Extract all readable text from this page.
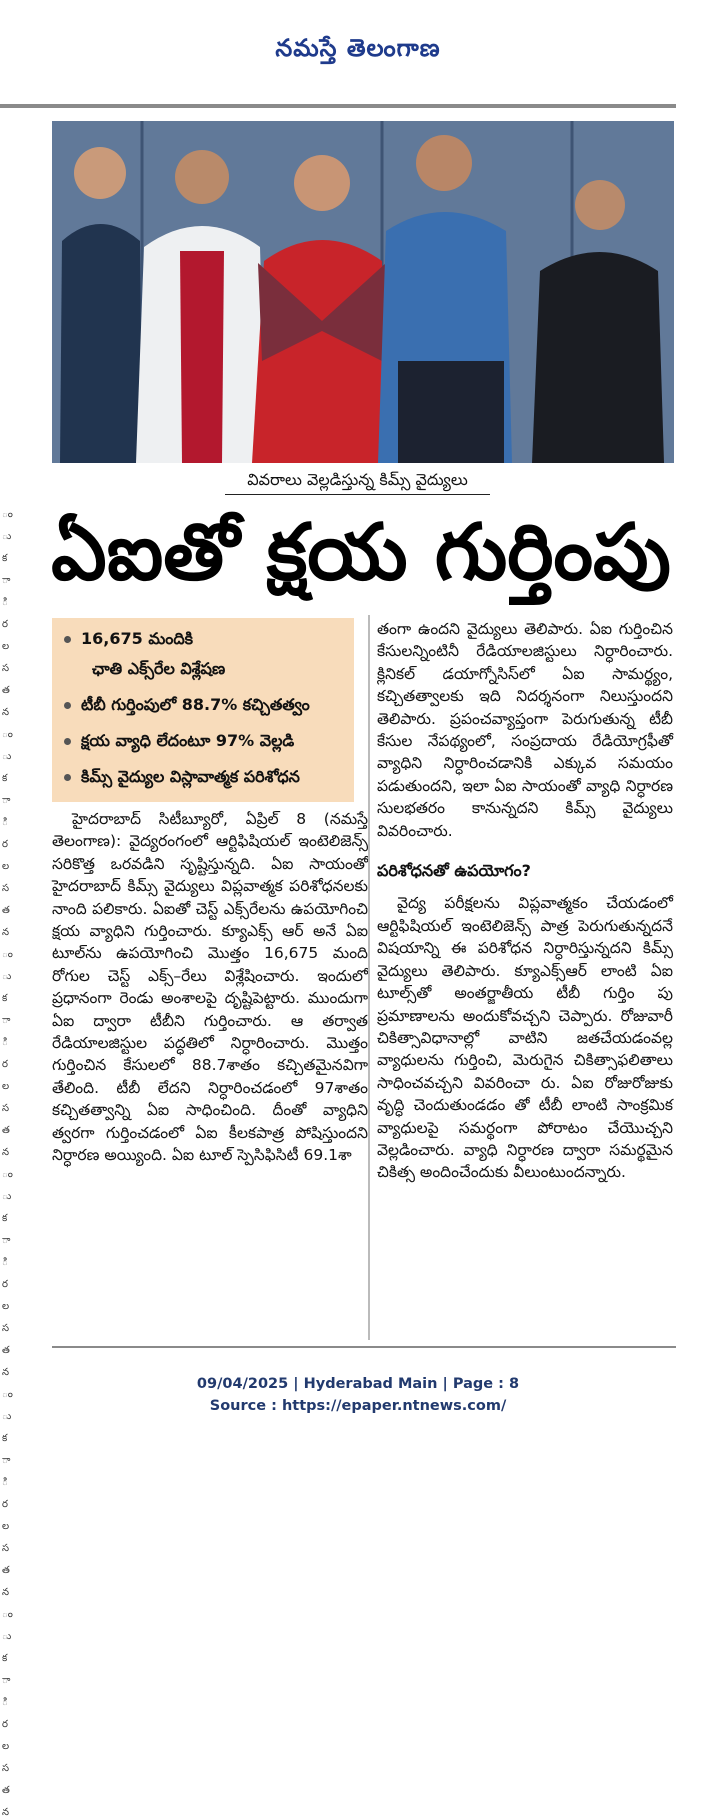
నమస్తే తెలంగాణ
ం
ు
క
ా
ి
ర
ల
స
త
న
ం
ు
క
ా
ి
ర
ల
స
త
న
ం
ు
క
ా
ి
ర
ల
స
త
న
ం
ు
క
ా
ి
ర
ల
స
త
న
ం
ు
క
ా
ి
ర
ల
స
త
న
ం
ు
క
ా
ి
ర
ల
స
త
న
వివరాలు వెల్లడిస్తున్న కిమ్స్ వైద్యులు
ఏఐతో క్షయ గుర్తింపు
16,675 మందికి
ఛాతి ఎక్స్‌రేల విశ్లేషణ
టీబీ గుర్తింపులో 88.7% కచ్చితత్వం
క్షయ వ్యాధి లేదంటూ 97% వెల్లడి
కిమ్స్ వైద్యుల విస్లావాత్మక పరిశోధన

హైదరాబాద్ సిటీబ్యూరో, ఏప్రిల్ 8 (నమస్తే తెలంగాణ): వైద్యరంగంలో ఆర్టిఫిషియల్ ఇంటెలిజెన్స్ సరికొత్త ఒరవడిని సృష్టిస్తున్నది. ఏఐ సాయంతో హైదరాబాద్ కిమ్స్ వైద్యులు విప్లవాత్మక పరిశోధనలకు నాంది పలికారు. ఏఐతో చెస్ట్ ఎక్స్‌రేలను ఉపయోగించి క్షయ వ్యాధిని గుర్తించారు. క్యూఎక్స్ ఆర్ అనే ఏఐ టూల్‌ను ఉపయోగించి మొత్తం 16,675 మంది రోగుల చెస్ట్ ఎక్స్–రేలు విశ్లేషించారు. ఇందులో ప్రధానంగా రెండు అంశాలపై దృష్టిపెట్టారు. ముందుగా ఏఐ ద్వారా టీబీని గుర్తించారు. ఆ తర్వాత రేడియాలజిస్టుల పద్ధతిలో నిర్ధారించారు. మొత్తం గుర్తించిన కేసులలో 88.7శాతం కచ్చితమైనవిగా తేలింది. టీబీ లేదని నిర్ధారించడంలో 97శాతం కచ్చితత్వాన్ని ఏఐ సాధించింది. దీంతో వ్యాధిని త్వరగా గుర్తించడంలో ఏఐ కీలకపాత్ర పోషిస్తుందని నిర్ధారణ అయ్యింది. ఏఐ టూల్ స్పెసిఫిసిటీ 69.1శా

తంగా ఉందని వైద్యులు తెలిపారు. ఏఐ గుర్తించిన కేసులన్నింటినీ రేడియాలజిస్టులు నిర్ధారించారు. క్లినికల్ డయాగ్నోసిస్‌లో ఏఐ సామర్థ్యం, కచ్చితత్వాలకు ఇది నిదర్శనంగా నిలుస్తుందని తెలిపారు. ప్రపంచవ్యాప్తంగా పెరుగుతున్న టీబీ కేసుల నేపథ్యంలో, సంప్రదాయ రేడియోగ్రఫీతో వ్యాధిని నిర్ధారించడానికి ఎక్కువ సమయం పడుతుందని, ఇలా ఏఐ సాయంతో వ్యాధి నిర్ధారణ సులభతరం కానున్నదని కిమ్స్ వైద్యులు వివరించారు.

పరిశోధనతో ఉపయోగం?

వైద్య పరీక్షలను విప్లవాత్మకం చేయడంలో ఆర్టిఫిషియల్ ఇంటెలిజెన్స్ పాత్ర పెరుగుతున్నదనే విషయాన్ని ఈ పరిశోధన నిర్ధారిస్తున్నదని కిమ్స్ వైద్యులు తెలిపారు. క్యూఎక్స్‌ఆర్ లాంటి ఏఐ టూల్స్‌తో అంతర్జాతీయ టీబీ గుర్తిం పు ప్రమాణాలను అందుకోవచ్చని చెప్పారు. రోజువారీ చికిత్సావిధానాల్లో వాటిని జతచేయడంవల్ల వ్యాధులను గుర్తించి, మెరుగైన చికిత్సాఫలితాలు సాధించవచ్చని వివరించా రు. ఏఐ రోజురోజుకు వృద్ధి చెందుతుండడం తో టీబీ లాంటి సాంక్రమిక వ్యాధులపై సమర్థంగా పోరాటం చేయొచ్చని వెల్లడించారు. వ్యాధి నిర్ధారణ ద్వారా సమర్థమైన చికిత్స అందించేందుకు వీలుంటుందన్నారు.

09/04/2025 | Hyderabad Main | Page : 8
Source : https://epaper.ntnews.com/
